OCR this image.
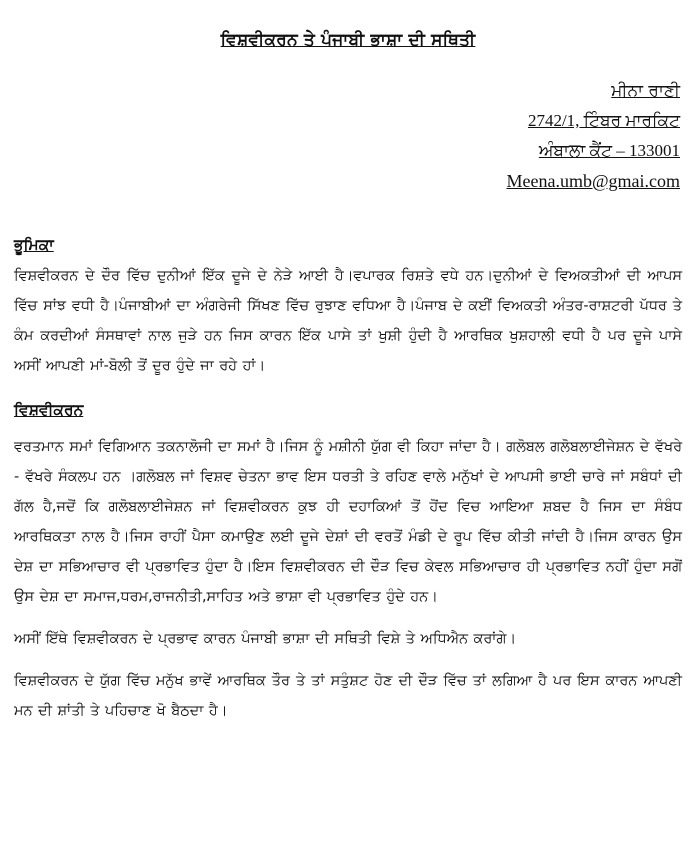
ਵਿਸ਼ਵੀਕਰਨ ਤੇ ਪੰਜਾਬੀ ਭਾਸ਼ਾ ਦੀ ਸਥਿਤੀ
ਮੀਨਾ ਰਾਣੀ
2742/1, ਟਿੰਬਰ ਮਾਰਕਿਟ
ਅੰਬਾਲਾ ਕੈਂਟ – 133001
Meena.umb@gmai.com
ਭੂਮਿਕਾ

ਵਿਸ਼ਵੀਕਰਨ ਦੇ ਦੌਰ ਵਿੱਚ ਦੁਨੀਆਂ ਇੱਕ ਦੂਜੇ ਦੇ ਨੇੜੇ ਆਈ ਹੈ।ਵਪਾਰਕ ਰਿਸ਼ਤੇ ਵਧੇ ਹਨ।ਦੁਨੀਆਂ ਦੇ ਵਿਅਕਤੀਆਂ ਦੀ ਆਪਸ ਵਿੱਚ ਸਾਂਝ ਵਧੀ ਹੈ।ਪੰਜਾਬੀਆਂ ਦਾ ਅੰਗਰੇਜੀ ਸਿੱਖਣ ਵਿੱਚ ਰੁਝਾਣ ਵਧਿਆ ਹੈ।ਪੰਜਾਬ ਦੇ ਕਈਂ ਵਿਅਕਤੀ ਅੰਤਰ-ਰਾਸ਼ਟਰੀ ਪੱਧਰ ਤੇ ਕੰਮ ਕਰਦੀਆਂ ਸੰਸਥਾਵਾਂ ਨਾਲ ਜੁੜੇ ਹਨ ਜਿਸ ਕਾਰਨ ਇੱਕ ਪਾਸੇ ਤਾਂ ਖੁਸ਼ੀ ਹੁੰਦੀ ਹੈ ਆਰਥਿਕ ਖੁਸ਼ਹਾਲੀ ਵਧੀ ਹੈ ਪਰ ਦੂਜੇ ਪਾਸੇ ਅਸੀਂ ਆਪਣੀ ਮਾਂ-ਬੋਲੀ ਤੋਂ ਦੂਰ ਹੁੰਦੇ ਜਾ ਰਹੇ ਹਾਂ।

ਵਿਸ਼ਵੀਕਰਨ

ਵਰਤਮਾਨ ਸਮਾਂ ਵਿਗਿਆਨ ਤਕਨਾਲੋਜੀ ਦਾ ਸਮਾਂ ਹੈ।ਜਿਸ ਨੂੰ ਮਸ਼ੀਨੀ ਯੁੱਗ ਵੀ ਕਿਹਾ ਜਾਂਦਾ ਹੈ। ਗਲੋਬਲ ਗਲੋਬਲਾਈਜੇਸ਼ਨ ਦੇ ਵੱਖਰੇ - ਵੱਖਰੇ ਸੰਕਲਪ ਹਨ ।ਗਲੋਬਲ ਜਾਂ ਵਿਸ਼ਵ ਚੇਤਨਾ ਭਾਵ ਇਸ ਧਰਤੀ ਤੇ ਰਹਿਣ ਵਾਲੇ ਮਨੁੱਖਾਂ ਦੇ ਆਪਸੀ ਭਾਈ ਚਾਰੇ ਜਾਂ ਸਬੰਧਾਂ ਦੀ ਗੱਲ ਹੈ,ਜਦੋਂ ਕਿ ਗਲੋਬਲਾਈਜੇਸ਼ਨ ਜਾਂ ਵਿਸ਼ਵੀਕਰਨ ਕੁਝ ਹੀ ਦਹਾਕਿਆਂ ਤੋਂ ਹੋਂਦ ਵਿਚ ਆਇਆ ਸ਼ਬਦ ਹੈ ਜਿਸ ਦਾ ਸੰਬੰਧ ਆਰਥਿਕਤਾ ਨਾਲ ਹੈ।ਜਿਸ ਰਾਹੀਂ ਪੈਸਾ ਕਮਾਉਣ ਲਈ ਦੂਜੇ ਦੇਸ਼ਾਂ ਦੀ ਵਰਤੋਂ ਮੰਡੀ ਦੇ ਰੂਪ ਵਿੱਚ ਕੀਤੀ ਜਾਂਦੀ ਹੈ।ਜਿਸ ਕਾਰਨ ਉਸ ਦੇਸ਼ ਦਾ ਸਭਿਆਚਾਰ ਵੀ ਪ੍ਰਭਾਵਿਤ ਹੁੰਦਾ ਹੈ।ਇਸ ਵਿਸ਼ਵੀਕਰਨ ਦੀ ਦੌੜ ਵਿਚ ਕੇਵਲ ਸਭਿਆਚਾਰ ਹੀ ਪ੍ਰਭਾਵਿਤ ਨਹੀਂ ਹੁੰਦਾ ਸਗੋਂ ਉਸ ਦੇਸ਼ ਦਾ ਸਮਾਜ,ਧਰਮ,ਰਾਜਨੀਤੀ,ਸਾਹਿਤ ਅਤੇ ਭਾਸ਼ਾ ਵੀ ਪ੍ਰਭਾਵਿਤ ਹੁੰਦੇ ਹਨ।

ਅਸੀਂ ਇੱਥੇ ਵਿਸ਼ਵੀਕਰਨ ਦੇ ਪ੍ਰਭਾਵ ਕਾਰਨ ਪੰਜਾਬੀ ਭਾਸ਼ਾ ਦੀ ਸਥਿਤੀ ਵਿਸ਼ੇ ਤੇ ਅਧਿਐਨ ਕਰਾਂਗੇ।

ਵਿਸ਼ਵੀਕਰਨ ਦੇ ਯੁੱਗ ਵਿੱਚ ਮਨੁੱਖ ਭਾਵੇਂ ਆਰਥਿਕ ਤੌਰ ਤੇ ਤਾਂ ਸਤੁੰਸ਼ਟ ਹੋਣ ਦੀ ਦੌੜ ਵਿੱਚ ਤਾਂ ਲਗਿਆ ਹੈ ਪਰ ਇਸ ਕਾਰਨ ਆਪਣੀ ਮਨ ਦੀ ਸ਼ਾਂਤੀ ਤੇ ਪਹਿਚਾਣ ਖੋ ਬੈਠਦਾ ਹੈ।
